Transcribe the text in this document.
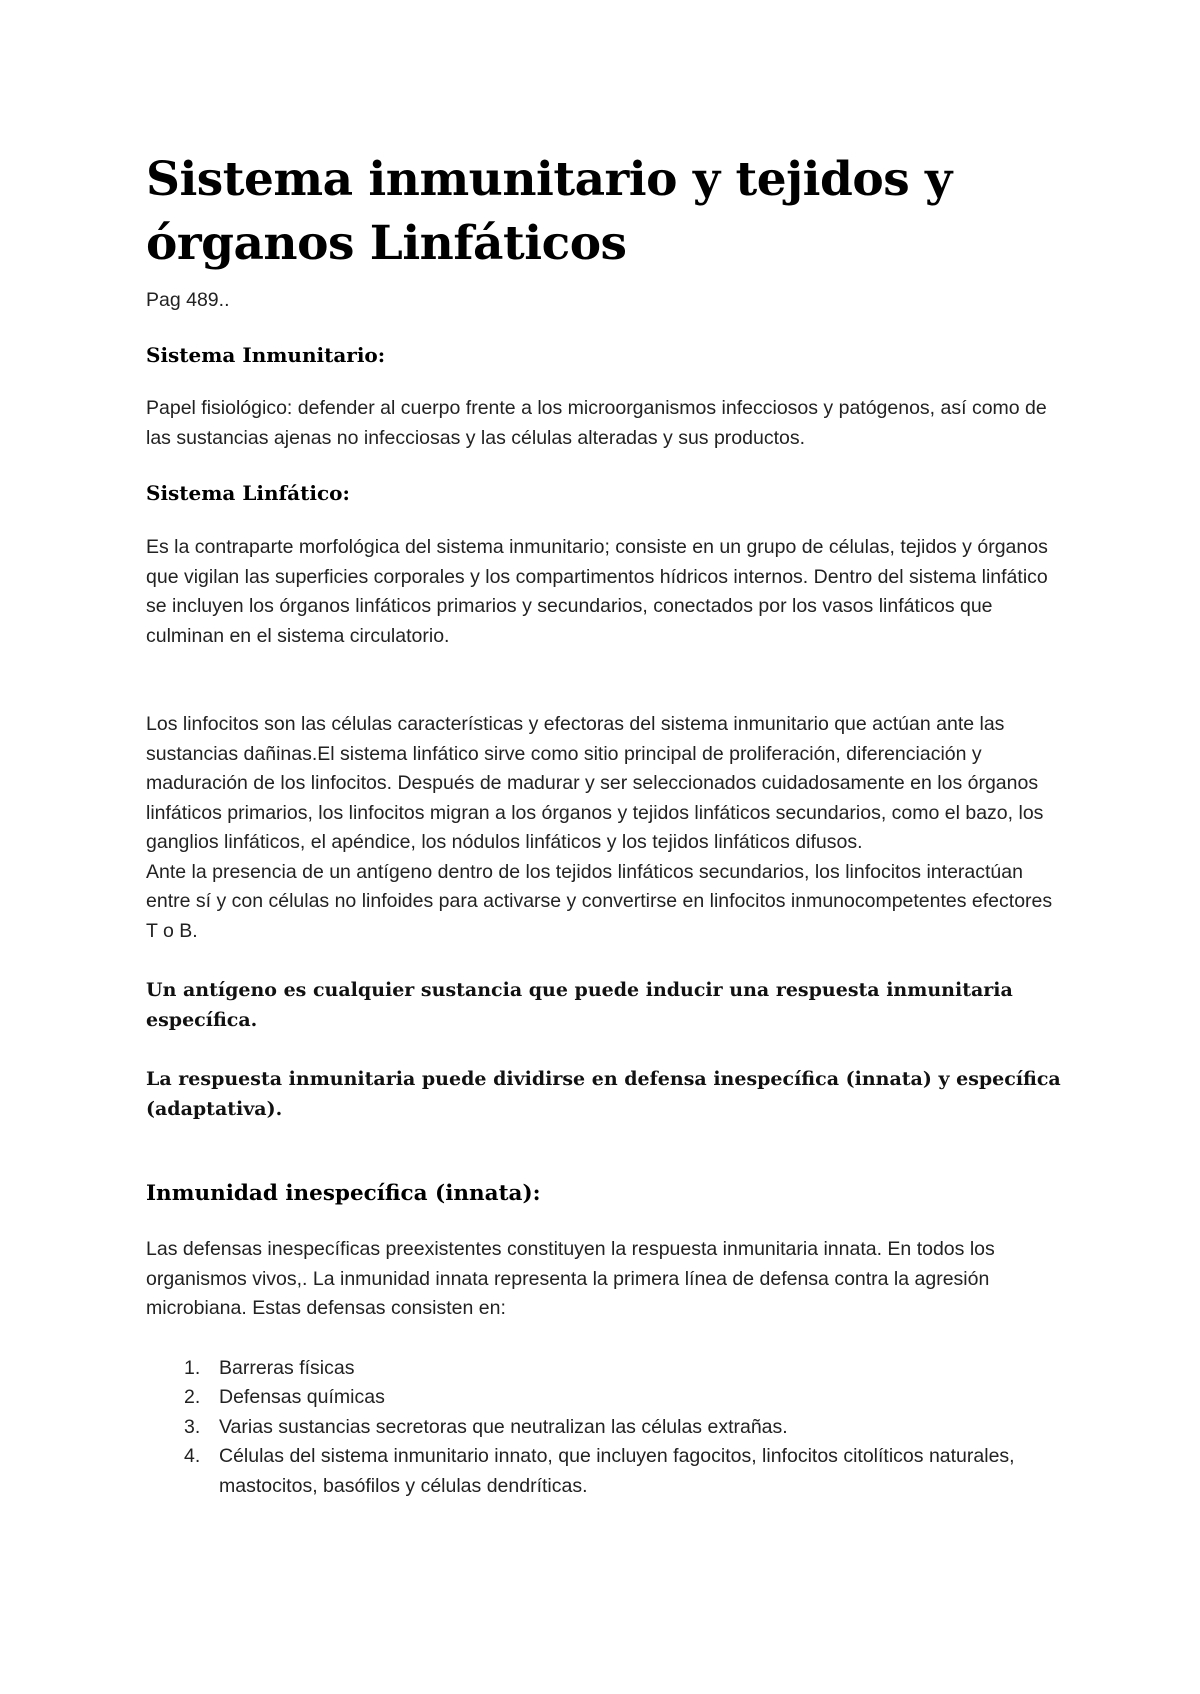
Sistema inmunitario y tejidos y órganos Linfáticos

Pag 489..

Sistema Inmunitario:

Papel fisiológico: defender al cuerpo frente a los microorganismos infecciosos y patógenos, así como de las sustancias ajenas no infecciosas y las células alteradas y sus productos.

Sistema Linfático:

Es la contraparte morfológica del sistema inmunitario; consiste en un grupo de células, tejidos y órganos que vigilan las superficies corporales y los compartimentos hídricos internos. Dentro del sistema linfático se incluyen los órganos linfáticos primarios y secundarios, conectados por los vasos linfáticos que culminan en el sistema circulatorio.

Los linfocitos son las células características y efectoras del sistema inmunitario que actúan ante las sustancias dañinas.El sistema linfático sirve como sitio principal de proliferación, diferenciación y maduración de los linfocitos. Después de madurar y ser seleccionados cuidadosamente en los órganos linfáticos primarios, los linfocitos migran a los órganos y tejidos linfáticos secundarios, como el bazo, los ganglios linfáticos, el apéndice, los nódulos linfáticos y los tejidos linfáticos difusos.

Ante la presencia de un antígeno dentro de los tejidos linfáticos secundarios, los linfocitos interactúan entre sí y con células no linfoides para activarse y convertirse en linfocitos inmunocompetentes efectores T o B.

Un antígeno es cualquier sustancia que puede inducir una respuesta inmunitaria específica.

La respuesta inmunitaria puede dividirse en defensa inespecífica (innata) y específica (adaptativa).

Inmunidad inespecífica (innata):

Las defensas inespecíficas preexistentes constituyen la respuesta inmunitaria innata. En todos los organismos vivos,. La inmunidad innata representa la primera línea de defensa contra la agresión microbiana. Estas defensas consisten en:

1. Barreras físicas
2. Defensas químicas
3. Varias sustancias secretoras que neutralizan las células extrañas.
4. Células del sistema inmunitario innato, que incluyen fagocitos, linfocitos citolíticos naturales, mastocitos, basófilos y células dendríticas.
